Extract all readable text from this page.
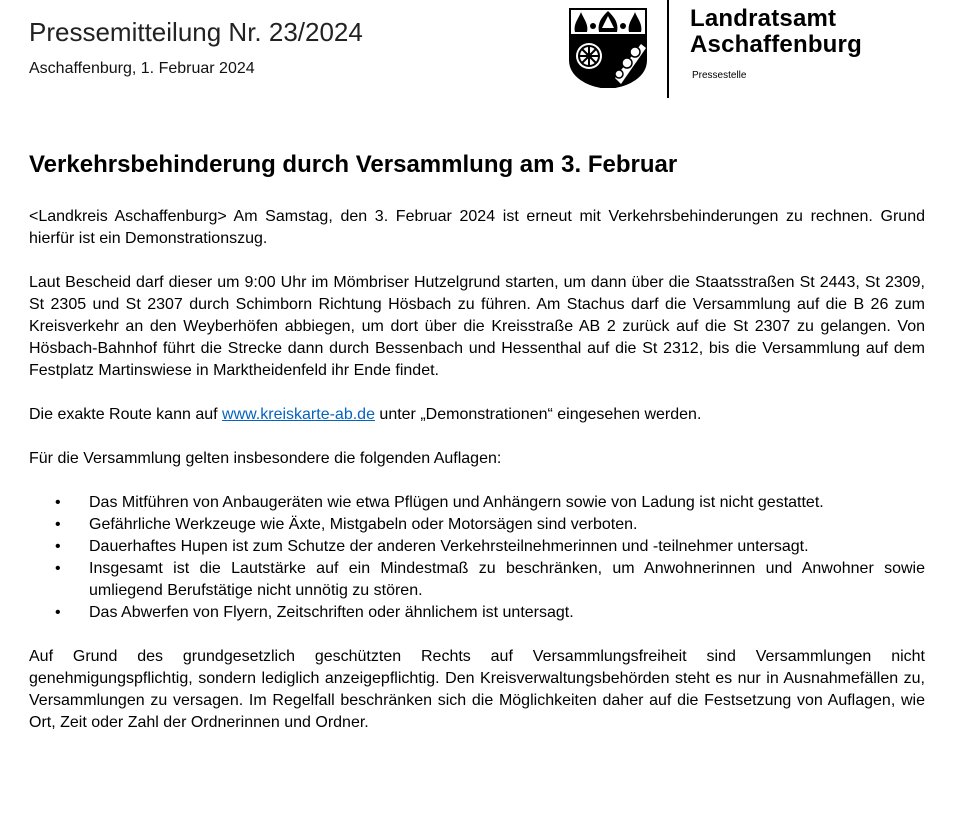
Pressemitteilung Nr. 23/2024
Aschaffenburg, 1. Februar 2024
Landratsamt
Aschaffenburg
Pressestelle
Verkehrsbehinderung durch Versammlung am 3. Februar

<Landkreis Aschaffenburg> Am Samstag, den 3. Februar 2024 ist erneut mit Verkehrsbehinderungen zu rechnen. Grund hierfür ist ein Demonstrationszug.

Laut Bescheid darf dieser um 9:00 Uhr im Mömbriser Hutzelgrund starten, um dann über die Staatsstraßen St 2443, St 2309, St 2305 und St 2307 durch Schimborn Richtung Hösbach zu führen. Am Stachus darf die Versammlung auf die B 26 zum Kreisverkehr an den Weyberhöfen abbiegen, um dort über die Kreisstraße AB 2 zurück auf die St 2307 zu gelangen. Von Hösbach-Bahnhof führt die Strecke dann durch Bessenbach und Hessenthal auf die St 2312, bis die Versammlung auf dem Festplatz Martinswiese in Marktheidenfeld ihr Ende findet.

Die exakte Route kann auf www.kreiskarte-ab.de unter „Demonstrationen“ eingesehen werden.

Für die Versammlung gelten insbesondere die folgenden Auflagen:

• Das Mitführen von Anbaugeräten wie etwa Pflügen und Anhängern sowie von Ladung ist nicht gestattet.
• Gefährliche Werkzeuge wie Äxte, Mistgabeln oder Motorsägen sind verboten.
• Dauerhaftes Hupen ist zum Schutze der anderen Verkehrsteilnehmerinnen und -teilnehmer untersagt.
• Insgesamt ist die Lautstärke auf ein Mindestmaß zu beschränken, um Anwohnerinnen und Anwohner sowie umliegend Berufstätige nicht unnötig zu stören.
• Das Abwerfen von Flyern, Zeitschriften oder ähnlichem ist untersagt.

Auf Grund des grundgesetzlich geschützten Rechts auf Versammlungsfreiheit sind Versammlungen nicht genehmigungspflichtig, sondern lediglich anzeigepflichtig. Den Kreisverwaltungsbehörden steht es nur in Ausnahmefällen zu, Versammlungen zu versagen. Im Regelfall beschränken sich die Möglichkeiten daher auf die Festsetzung von Auflagen, wie Ort, Zeit oder Zahl der Ordnerinnen und Ordner.
